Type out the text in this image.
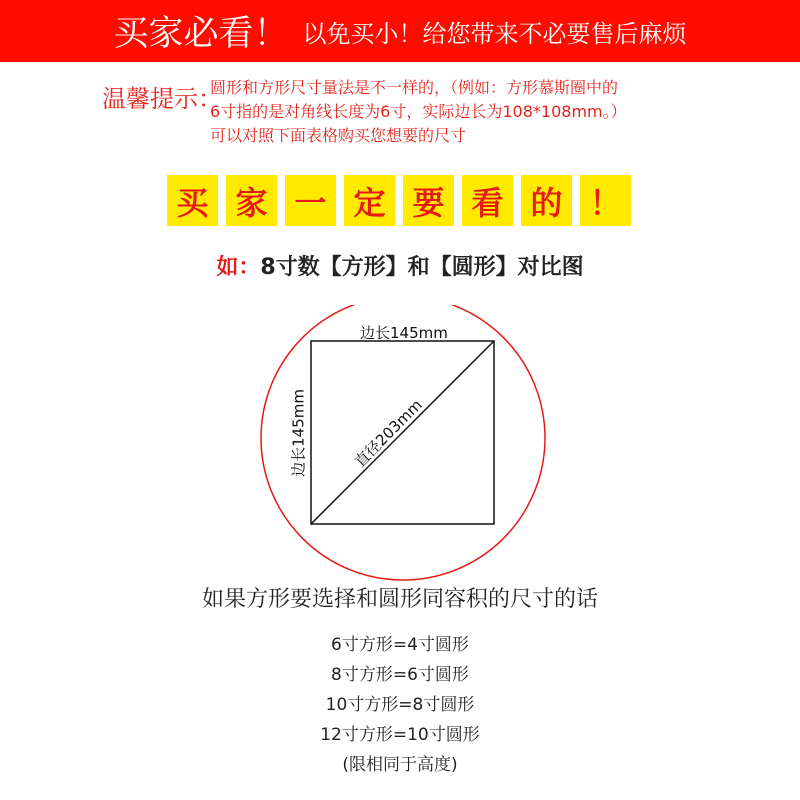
买家必看！ 以免买小！给您带来不必要售后麻烦
温馨提示：
圆形和方形尺寸量法是不一样的，（例如：方形慕斯圈中的
6寸指的是对角线长度为6寸，实际边长为108*108mm。）
可以对照下面表格购买您想要的尺寸
买 家 一 定 要 看 的 ！
如：8寸数【方形】和【圆形】对比图
边长145mm
边长145mm	直径203mm
如果方形要选择和圆形同容积的尺寸的话
6寸方形=4寸圆形
8寸方形=6寸圆形
10寸方形=8寸圆形
12寸方形=10寸圆形
(限相同于高度)
